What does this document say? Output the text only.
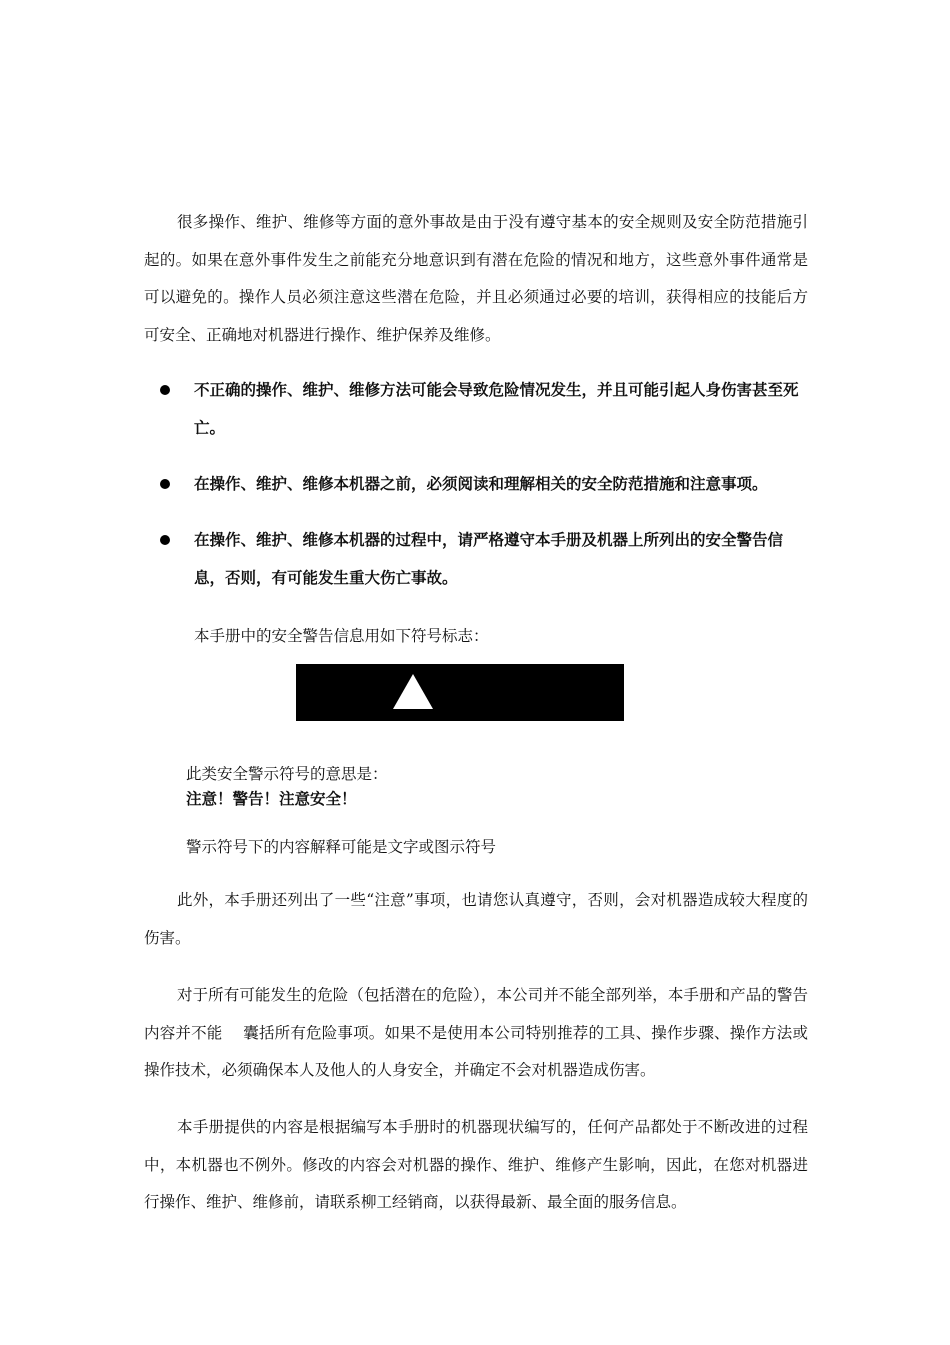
很多操作、维护、维修等方面的意外事故是由于没有遵守基本的安全规则及安全防范措施引起的。如果在意外事件发生之前能充分地意识到有潜在危险的情况和地方，这些意外事件通常是可以避免的。操作人员必须注意这些潜在危险，并且必须通过必要的培训，获得相应的技能后方可安全、正确地对机器进行操作、维护保养及维修。

不正确的操作、维护、维修方法可能会导致危险情况发生，并且可能引起人身伤害甚至死亡。
在操作、维护、维修本机器之前，必须阅读和理解相关的安全防范措施和注意事项。
在操作、维护、维修本机器的过程中，请严格遵守本手册及机器上所列出的安全警告信息，否则，有可能发生重大伤亡事故。

本手册中的安全警告信息用如下符号标志：

此类安全警示符号的意思是：

注意！警告！注意安全！

警示符号下的内容解释可能是文字或图示符号

此外，本手册还列出了一些“注意”事项，也请您认真遵守，否则，会对机器造成较大程度的伤害。

对于所有可能发生的危险（包括潜在的危险），本公司并不能全部列举，本手册和产品的警告内容并不能　 囊括所有危险事项。如果不是使用本公司特别推荐的工具、操作步骤、操作方法或操作技术，必须确保本人及他人的人身安全，并确定不会对机器造成伤害。

本手册提供的内容是根据编写本手册时的机器现状编写的，任何产品都处于不断改进的过程中，本机器也不例外。修改的内容会对机器的操作、维护、维修产生影响，因此，在您对机器进行操作、维护、维修前，请联系柳工经销商，以获得最新、最全面的服务信息。
